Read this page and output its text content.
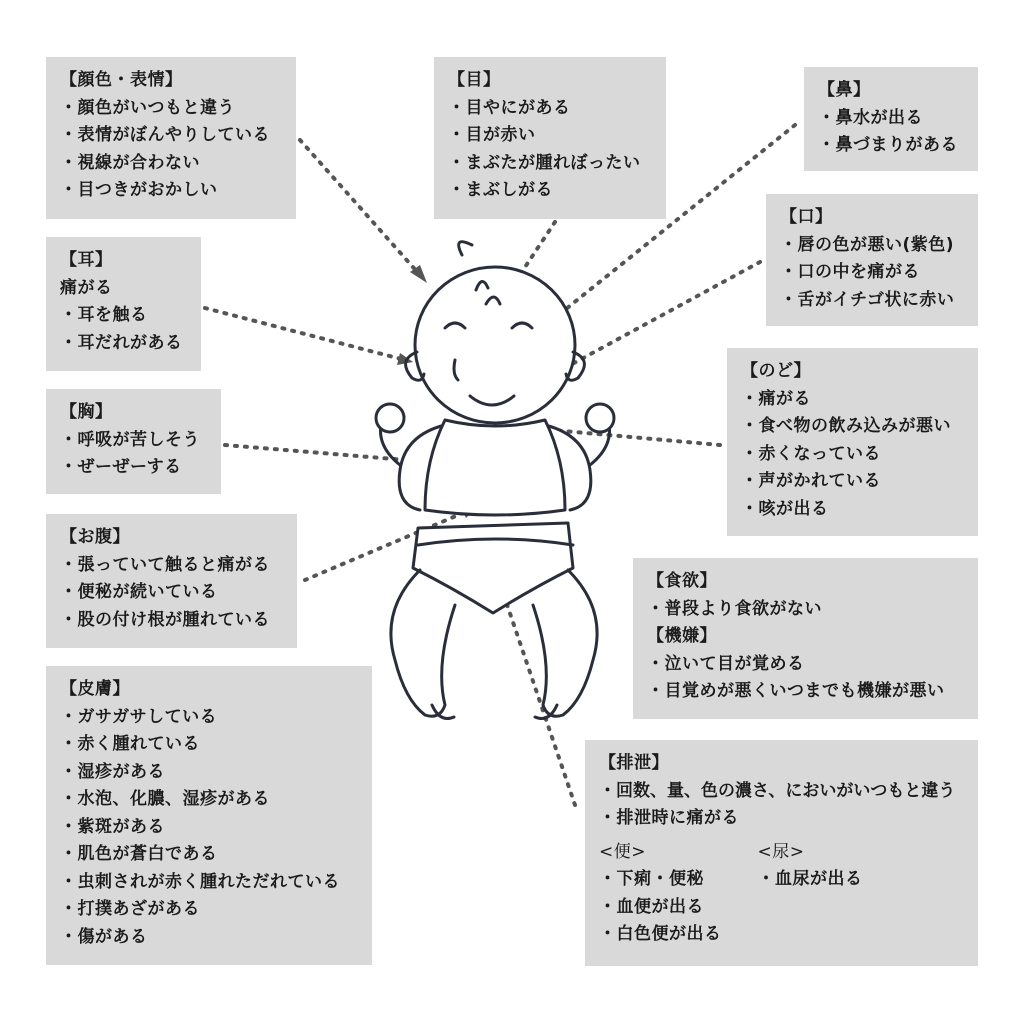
【顔色・表情】
・ 顔色がいつもと違う
・ 表情がぼんやりしている
・ 視線が合わない
・ 目つきがおかしい
【目】
・ 目やにがある
・ 目が赤い
・ まぶたが腫れぼったい
・ まぶしがる
【鼻】
・ 鼻水が出る
・ 鼻づまりがある
【耳】
痛がる
・ 耳を触る
・ 耳だれがある
【口】
・ 唇の色が悪い(紫色)
・ 口の中を痛がる
・ 舌がイチゴ状に赤い
【胸】
・ 呼吸が苦しそう
・ ぜーぜーする
【のど】
・ 痛がる
・ 食べ物の飲み込みが悪い
・ 赤くなっている
・ 声がかれている
・ 咳が出る
【お腹】
・ 張っていて触ると痛がる
・ 便秘が続いている
・ 股の付け根が腫れている
【食欲】
・ 普段より食欲がない
【機嫌】
・ 泣いて目が覚める
・ 目覚めが悪くいつまでも機嫌が悪い
【皮膚】
・ ガサガサしている
・ 赤く腫れている
・ 湿疹がある
・ 水泡、化膿、湿疹がある
・ 紫斑がある
・ 肌色が蒼白である
・ 虫刺されが赤く腫れただれている
・ 打撲あざがある
・ 傷がある
【排泄】
・ 回数、量、色の濃さ、においがいつもと違う
・ 排泄時に痛がる
<便>
・ 下痢・便秘
・ 血便が出る
・ 白色便が出る
<尿>
・ 血尿が出る
